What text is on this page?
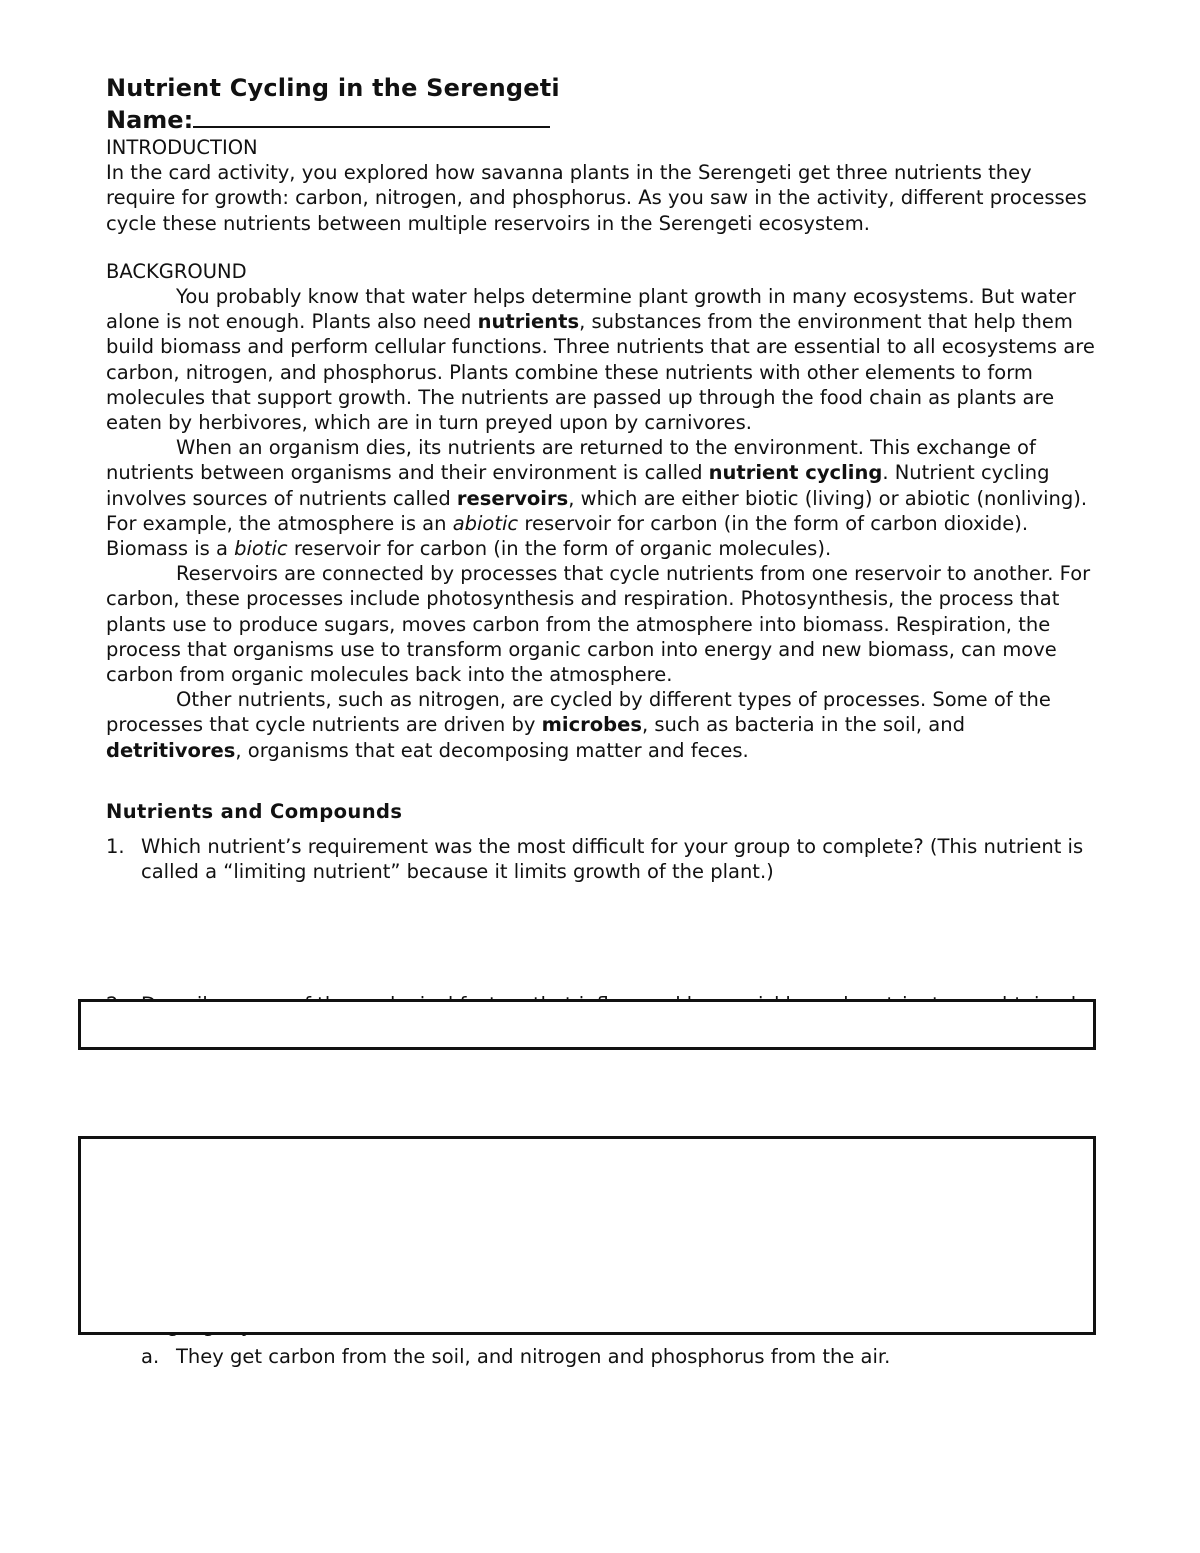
Nutrient Cycling in the Serengeti

Name:

INTRODUCTION

In the card activity, you explored how savanna plants in the Serengeti get three nutrients they require for growth: carbon, nitrogen, and phosphorus. As you saw in the activity, different processes cycle these nutrients between multiple reservoirs in the Serengeti ecosystem.

BACKGROUND

You probably know that water helps determine plant growth in many ecosystems. But water alone is not enough. Plants also need nutrients, substances from the environment that help them build biomass and perform cellular functions. Three nutrients that are essential to all ecosystems are carbon, nitrogen, and phosphorus. Plants combine these nutrients with other elements to form molecules that support growth. The nutrients are passed up through the food chain as plants are eaten by herbivores, which are in turn preyed upon by carnivores.

When an organism dies, its nutrients are returned to the environment. This exchange of nutrients between organisms and their environment is called nutrient cycling. Nutrient cycling involves sources of nutrients called reservoirs, which are either biotic (living) or abiotic (nonliving). For example, the atmosphere is an abiotic reservoir for carbon (in the form of carbon dioxide). Biomass is a biotic reservoir for carbon (in the form of organic molecules).

Reservoirs are connected by processes that cycle nutrients from one reservoir to another. For carbon, these processes include photosynthesis and respiration. Photosynthesis, the process that plants use to produce sugars, moves carbon from the atmosphere into biomass. Respiration, the process that organisms use to transform organic carbon into energy and new biomass, can move carbon from organic molecules back into the atmosphere.

Other nutrients, such as nitrogen, are cycled by different types of processes. Some of the processes that cycle nutrients are driven by microbes, such as bacteria in the soil, and detritivores, organisms that eat decomposing matter and feces.

Nutrients and Compounds

1. Which nutrient’s requirement was the most difficult for your group to complete? (This nutrient is called a “limiting nutrient” because it limits growth of the plant.)

a. They get carbon from the soil, and nitrogen and phosphorus from the air.
